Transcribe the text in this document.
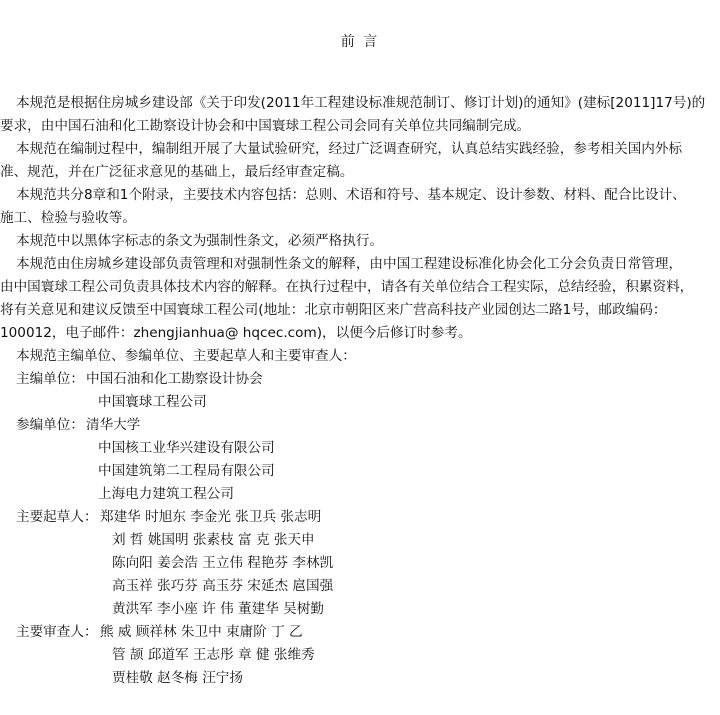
前 言
本规范是根据住房城乡建设部《关于印发(2011年工程建设标准规范制订、修订计划)的通知》(建标[2011]17号)的
要求，由中国石油和化工勘察设计协会和中国寰球工程公司会同有关单位共同编制完成。
本规范在编制过程中，编制组开展了大量试验研究，经过广泛调查研究，认真总结实践经验，参考相关国内外标
准、规范，并在广泛征求意见的基础上，最后经审查定稿。
本规范共分8章和1个附录，主要技术内容包括：总则、术语和符号、基本规定、设计参数、材料、配合比设计、
施工、检验与验收等。
本规范中以黑体字标志的条文为强制性条文，必须严格执行。
本规范由住房城乡建设部负责管理和对强制性条文的解释，由中国工程建设标准化协会化工分会负责日常管理，
由中国寰球工程公司负责具体技术内容的解释。在执行过程中，请各有关单位结合工程实际，总结经验，积累资料，
将有关意见和建议反馈至中国寰球工程公司(地址：北京市朝阳区来广营高科技产业园创达二路1号，邮政编码：
100012，电子邮件：zhengjianhua@ hqcec.com)，以便今后修订时参考。
本规范主编单位、参编单位、主要起草人和主要审查人：
主编单位： 中国石油和化工勘察设计协会
中国寰球工程公司
参编单位： 清华大学
中国核工业华兴建设有限公司
中国建筑第二工程局有限公司
上海电力建筑工程公司
主要起草人： 郑建华 时旭东 李金光 张卫兵 张志明
刘 哲 姚国明 张素枝 富 克 张天申
陈向阳 姜会浩 王立伟 程艳芬 李林凯
高玉祥 张巧芬 高玉芬 宋延杰 扈国强
黄洪军 李小座 许 伟 董建华 吴树勤
主要审查人： 熊 威 顾祥林 朱卫中 束庸阶 丁 乙
管 颉 邱道军 王志彤 章 健 张维秀
贾桂敬 赵冬梅 汪宁扬
